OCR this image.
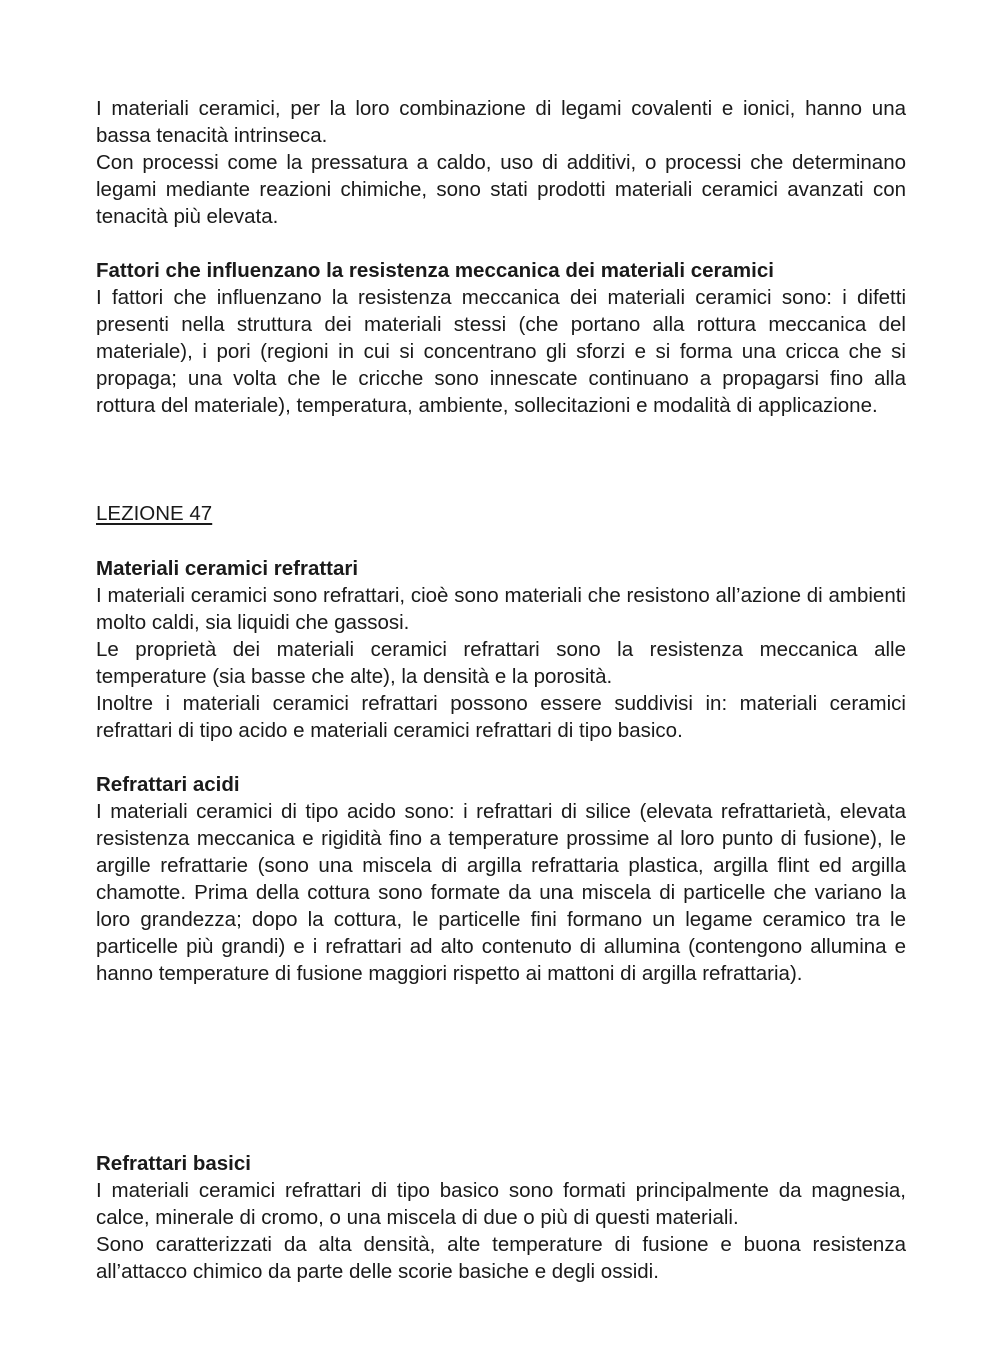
I materiali ceramici, per la loro combinazione di legami covalenti e ionici, hanno una bassa tenacità intrinseca.

Con processi come la pressatura a caldo, uso di additivi, o processi che determinano legami mediante reazioni chimiche, sono stati prodotti materiali ceramici avanzati con tenacità più elevata.

Fattori che influenzano la resistenza meccanica dei materiali ceramici

I fattori che influenzano la resistenza meccanica dei materiali ceramici sono: i difetti presenti nella struttura dei materiali stessi (che portano alla rottura meccanica del materiale), i pori (regioni in cui si concentrano gli sforzi e si forma una cricca che si propaga; una volta che le cricche sono innescate continuano a propagarsi fino alla rottura del materiale), temperatura, ambiente, sollecitazioni e modalità di applicazione.

LEZIONE 47
Materiali ceramici refrattari

I materiali ceramici sono refrattari, cioè sono materiali che resistono all’azione di ambienti molto caldi, sia liquidi che gassosi.

Le proprietà dei materiali ceramici refrattari sono la resistenza meccanica alle temperature (sia basse che alte), la densità e la porosità.

Inoltre i materiali ceramici refrattari possono essere suddivisi in: materiali ceramici refrattari di tipo acido e materiali ceramici refrattari di tipo basico.

Refrattari acidi

I materiali ceramici di tipo acido sono: i refrattari di silice (elevata refrattarietà, elevata resistenza meccanica e rigidità fino a temperature prossime al loro punto di fusione), le argille refrattarie (sono una miscela di argilla refrattaria plastica, argilla flint ed argilla chamotte. Prima della cottura sono formate da una miscela di particelle che variano la loro grandezza; dopo la cottura, le particelle fini formano un legame ceramico tra le particelle più grandi) e i refrattari ad alto contenuto di allumina (contengono allumina e hanno temperature di fusione maggiori rispetto ai mattoni di argilla refrattaria).

Refrattari basici

I materiali ceramici refrattari di tipo basico sono formati principalmente da magnesia, calce, minerale di cromo, o una miscela di due o più di questi materiali.

Sono caratterizzati da alta densità, alte temperature di fusione e buona resistenza all’attacco chimico da parte delle scorie basiche e degli ossidi.
